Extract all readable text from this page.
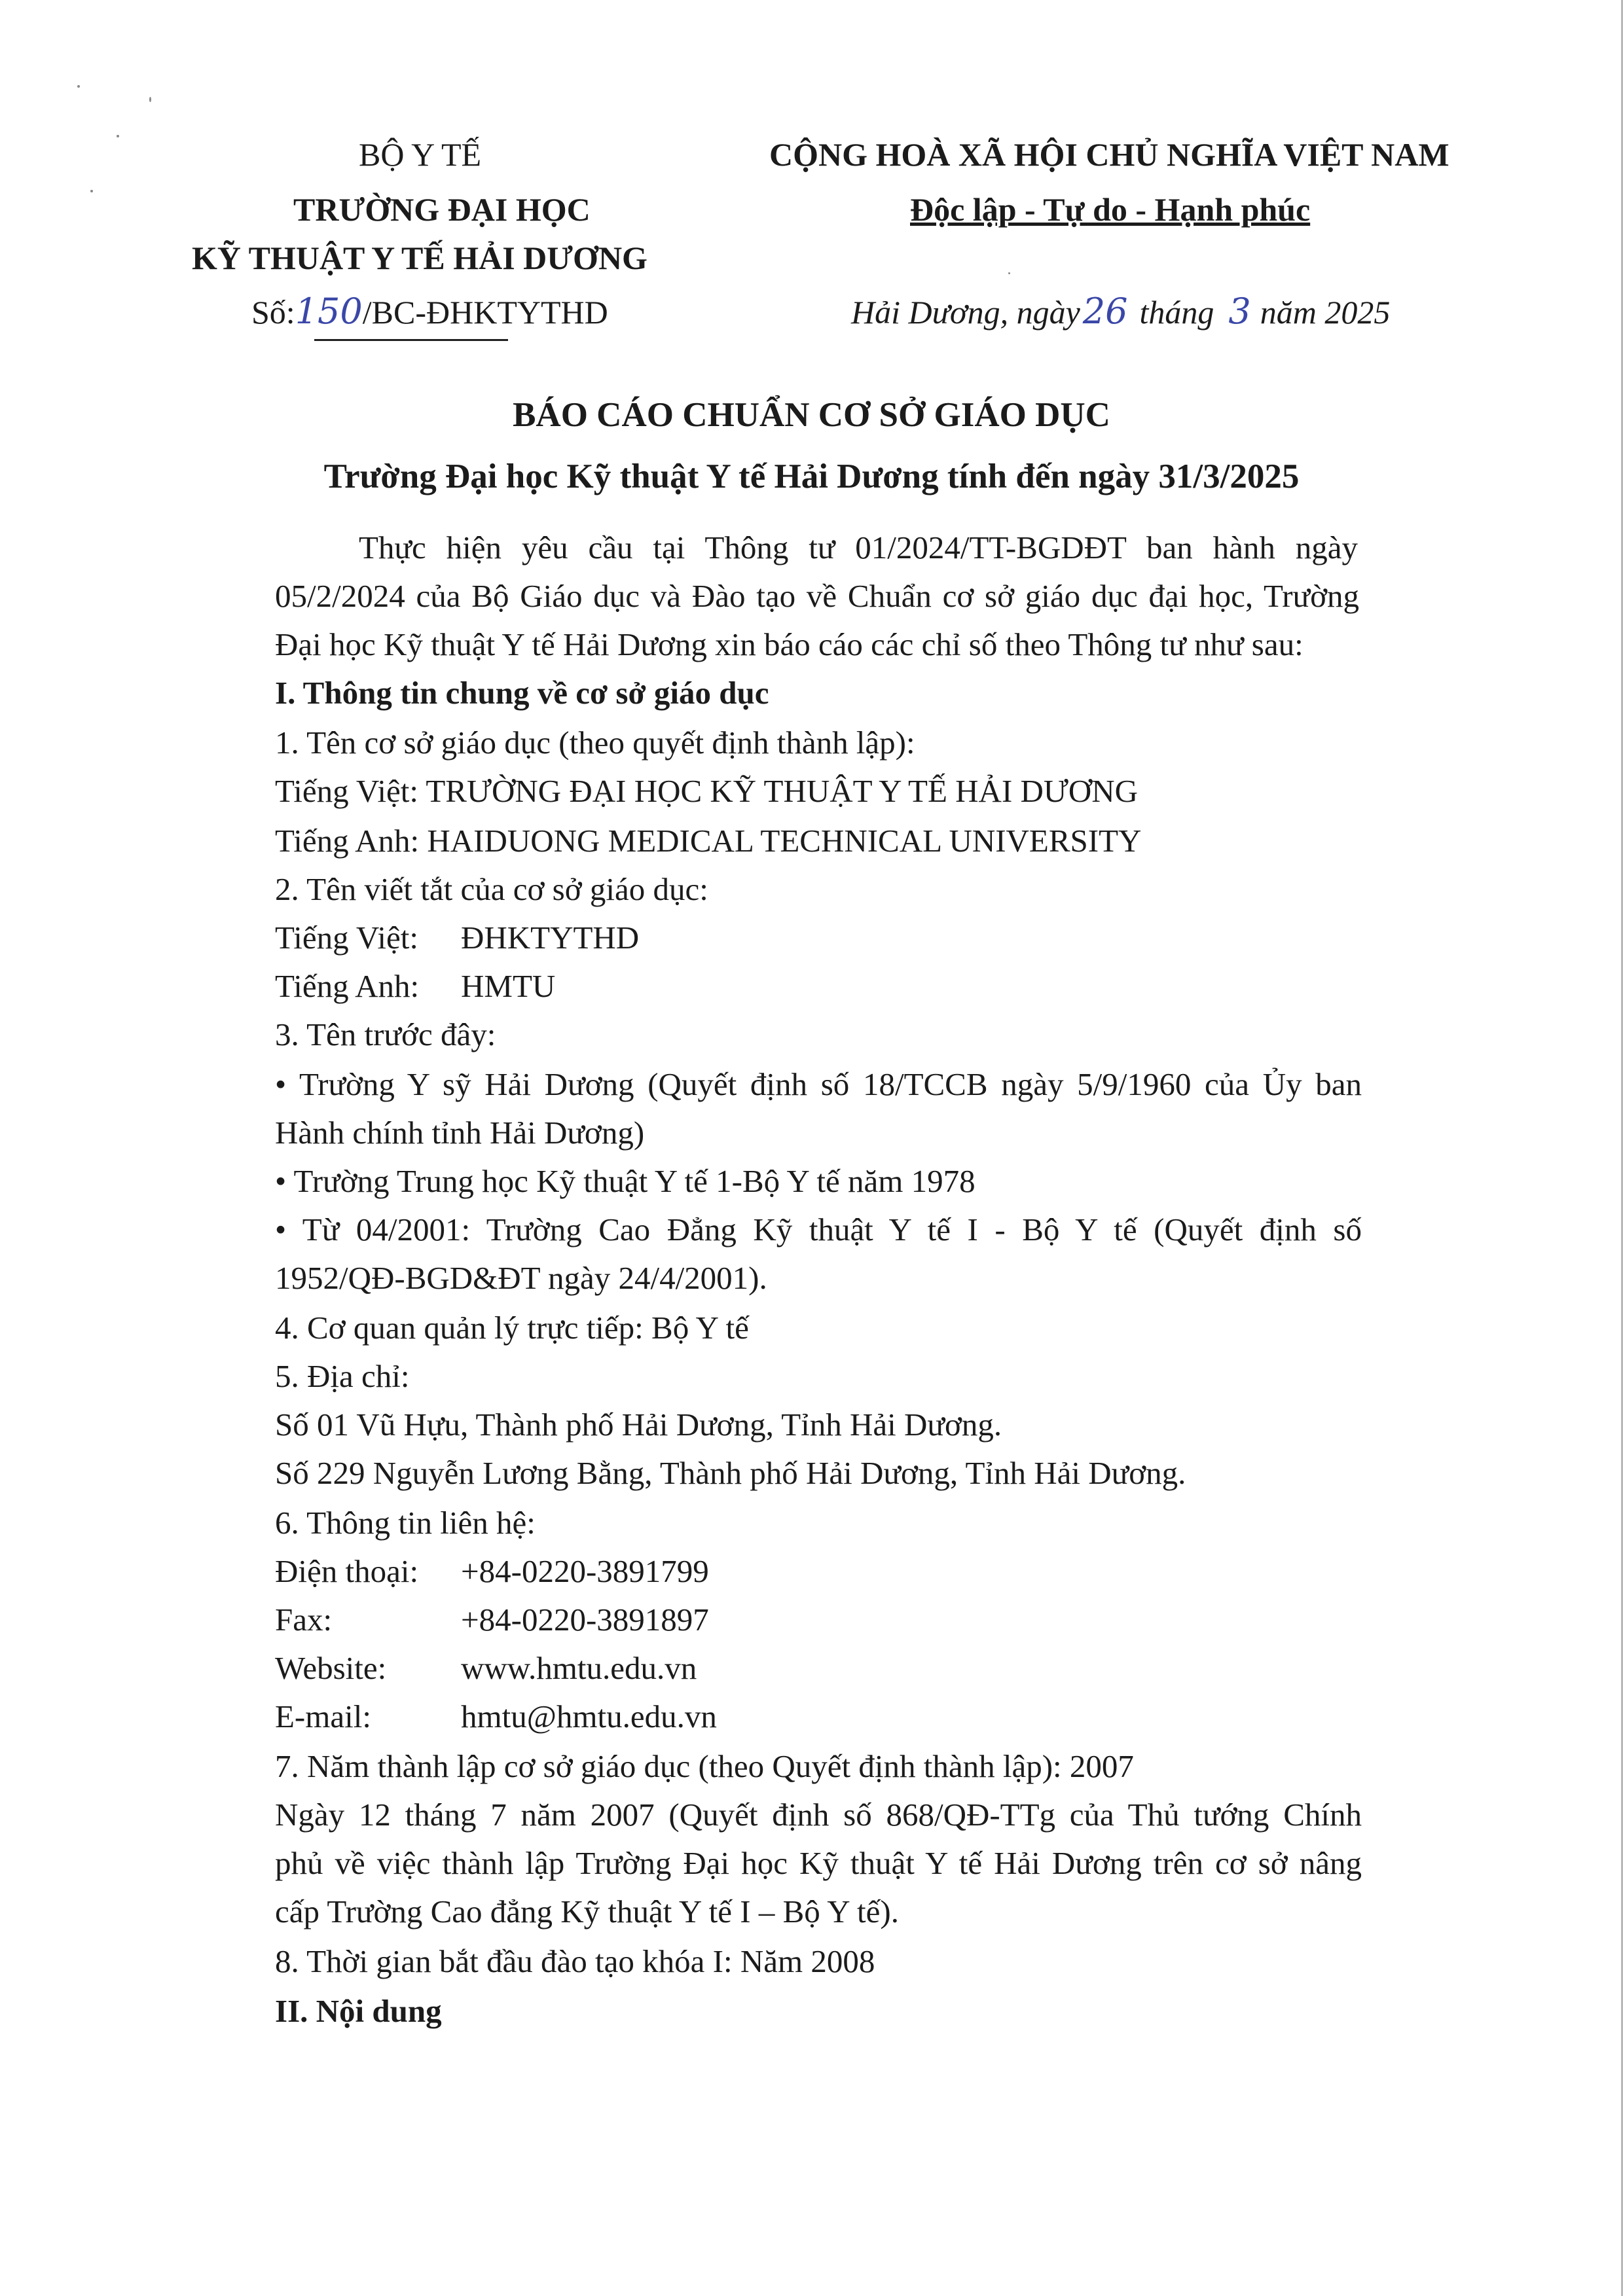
BỘ Y TẾ
TRƯỜNG ĐẠI HỌC
KỸ THUẬT Y TẾ HẢI DƯƠNG
Số:150/BC-ĐHKTYTHD
CỘNG HOÀ XÃ HỘI CHỦ NGHĨA VIỆT NAM
Độc lập - Tự do - Hạnh phúc
Hải Dương, ngày26 tháng 3 năm 2025
BÁO CÁO CHUẨN CƠ SỞ GIÁO DỤC
Trường Đại học Kỹ thuật Y tế Hải Dương tính đến ngày 31/3/2025
Thực hiện yêu cầu tại Thông tư 01/2024/TT-BGDĐT ban hành ngày
05/2/2024 của Bộ Giáo dục và Đào tạo về Chuẩn cơ sở giáo dục đại học, Trường
Đại học Kỹ thuật Y tế Hải Dương xin báo cáo các chỉ số theo Thông tư như sau:
I. Thông tin chung về cơ sở giáo dục
1. Tên cơ sở giáo dục (theo quyết định thành lập):
Tiếng Việt: TRƯỜNG ĐẠI HỌC KỸ THUẬT Y TẾ HẢI DƯƠNG
Tiếng Anh: HAIDUONG MEDICAL TECHNICAL UNIVERSITY
2. Tên viết tắt của cơ sở giáo dục:
Tiếng Việt: ĐHKTYTHD
Tiếng Anh: HMTU
3. Tên trước đây:
• Trường Y sỹ Hải Dương (Quyết định số 18/TCCB ngày 5/9/1960 của Ủy ban
Hành chính tỉnh Hải Dương)
• Trường Trung học Kỹ thuật Y tế 1-Bộ Y tế năm 1978
• Từ 04/2001: Trường Cao Đẳng Kỹ thuật Y tế I - Bộ Y tế (Quyết định số
1952/QĐ-BGD&ĐT ngày 24/4/2001).
4. Cơ quan quản lý trực tiếp: Bộ Y tế
5. Địa chỉ:
Số 01 Vũ Hựu, Thành phố Hải Dương, Tỉnh Hải Dương.
Số 229 Nguyễn Lương Bằng, Thành phố Hải Dương, Tỉnh Hải Dương.
6. Thông tin liên hệ:
Điện thoại: +84-0220-3891799
Fax:	+84-0220-3891897
Website: www.hmtu.edu.vn
E-mail:	hmtu@hmtu.edu.vn
7. Năm thành lập cơ sở giáo dục (theo Quyết định thành lập): 2007
Ngày 12 tháng 7 năm 2007 (Quyết định số 868/QĐ-TTg của Thủ tướng Chính
phủ về việc thành lập Trường Đại học Kỹ thuật Y tế Hải Dương trên cơ sở nâng
cấp Trường Cao đẳng Kỹ thuật Y tế I – Bộ Y tế).
8. Thời gian bắt đầu đào tạo khóa I: Năm 2008
II. Nội dung
